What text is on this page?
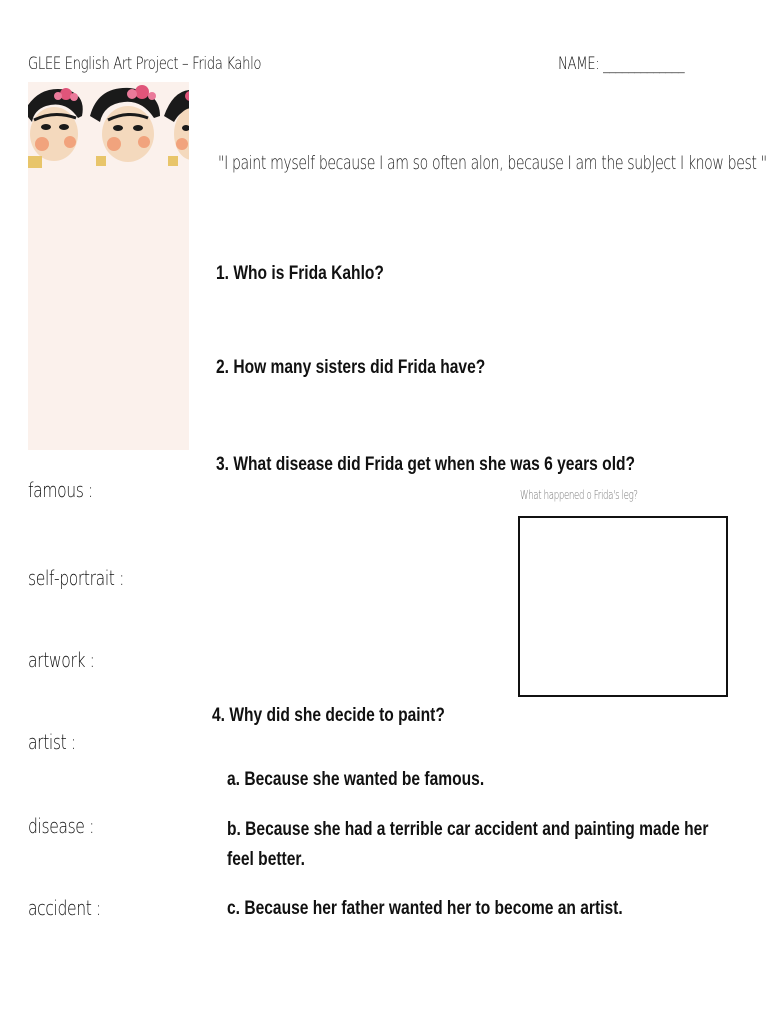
GLEE English Art Project – Frida Kahlo	NAME: _____________
"I paint myself because I am so often alon, because I am the subJect I know best "
1. Who is Frida Kahlo?
2. How many sisters did Frida have?
3. What disease did Frida get when she was 6 years old?
4. Why did she decide to paint?
What happened o Frida's leg?
famous :
self-portrait :
artwork :
artist :
disease :
accident :
a. Because she wanted be famous.
b. Because she had a terrible car accident and painting made her
feel better.
c. Because her father wanted her to become an artist.
